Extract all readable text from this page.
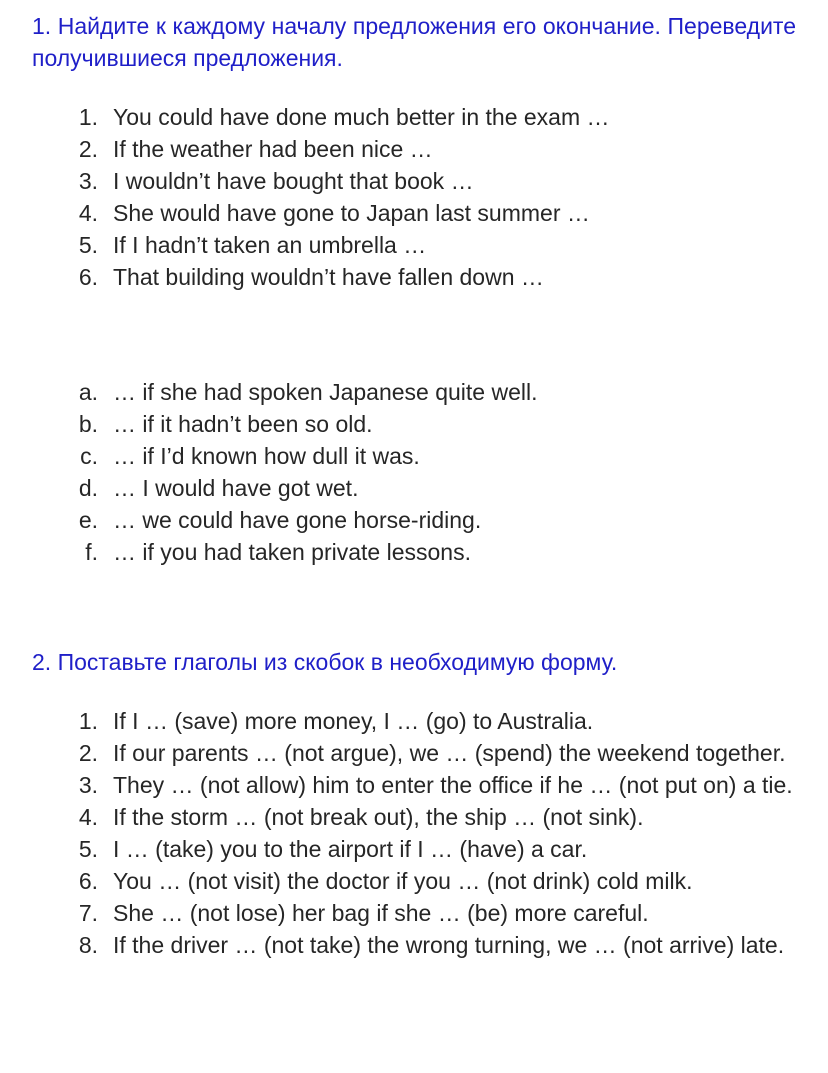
1. Найдите к каждому началу предложения его окончание. Переведите получившиеся предложения.
1. You could have done much better in the exam …
2. If the weather had been nice …
3. I wouldn’t have bought that book …
4. She would have gone to Japan last summer …
5. If I hadn’t taken an umbrella …
6. That building wouldn’t have fallen down …
a. … if she had spoken Japanese quite well.
b. … if it hadn’t been so old.
c. … if I’d known how dull it was.
d. … I would have got wet.
e. … we could have gone horse-riding.
f. … if you had taken private lessons.
2. Поставьте глаголы из скобок в необходимую форму.
1. If I … (save) more money, I … (go) to Australia.
2. If our parents … (not argue), we … (spend) the weekend together.
3. They … (not allow) him to enter the office if he … (not put on) a tie.
4. If the storm … (not break out), the ship … (not sink).
5. I … (take) you to the airport if I … (have) a car.
6. You … (not visit) the doctor if you … (not drink) cold milk.
7. She … (not lose) her bag if she … (be) more careful.
8. If the driver … (not take) the wrong turning, we … (not arrive) late.
